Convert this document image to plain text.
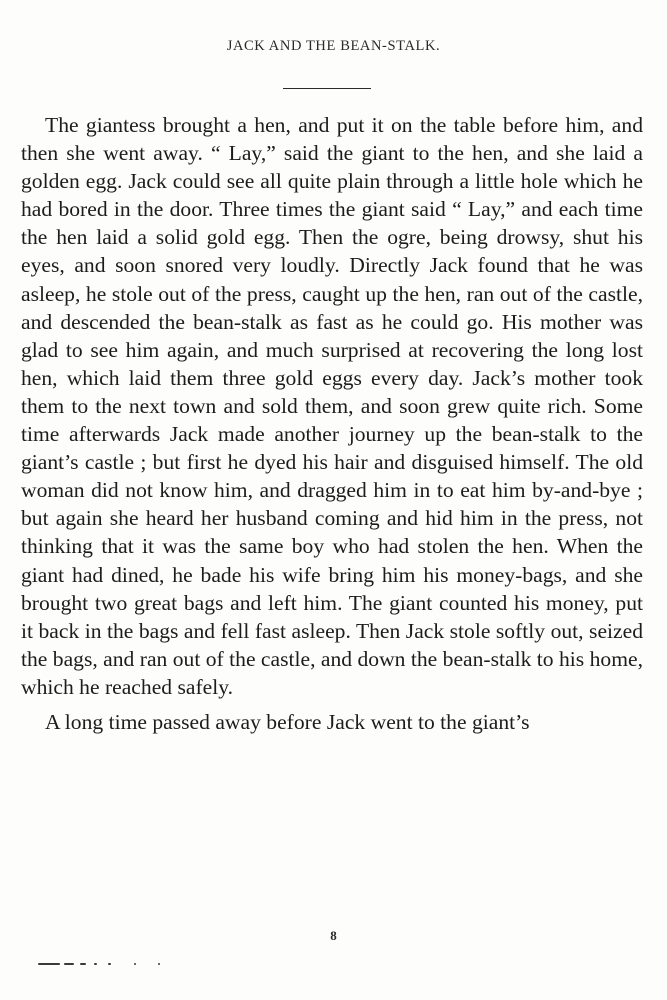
JACK AND THE BEAN-STALK.

The giantess brought a hen, and put it on the table before him, and then she went away. “ Lay,” said the giant to the hen, and she laid a golden egg. Jack could see all quite plain through a little hole which he had bored in the door. Three times the giant said “ Lay,” and each time the hen laid a solid gold egg. Then the ogre, being drowsy, shut his eyes, and soon snored very loudly. Directly Jack found that he was asleep, he stole out of the press, caught up the hen, ran out of the castle, and descended the bean-stalk as fast as he could go. His mother was glad to see him again, and much surprised at recovering the long lost hen, which laid them three gold eggs every day. Jack’s mother took them to the next town and sold them, and soon grew quite rich. Some time afterwards Jack made another journey up the bean-stalk to the giant’s castle ; but first he dyed his hair and disguised himself. The old woman did not know him, and dragged him in to eat him by-and-bye ; but again she heard her husband coming and hid him in the press, not thinking that it was the same boy who had stolen the hen. When the giant had dined, he bade his wife bring him his money-bags, and she brought two great bags and left him. The giant counted his money, put it back in the bags and fell fast asleep. Then Jack stole softly out, seized the bags, and ran out of the castle, and down the bean-stalk to his home, which he reached safely.

A long time passed away before Jack went to the giant’s

8
